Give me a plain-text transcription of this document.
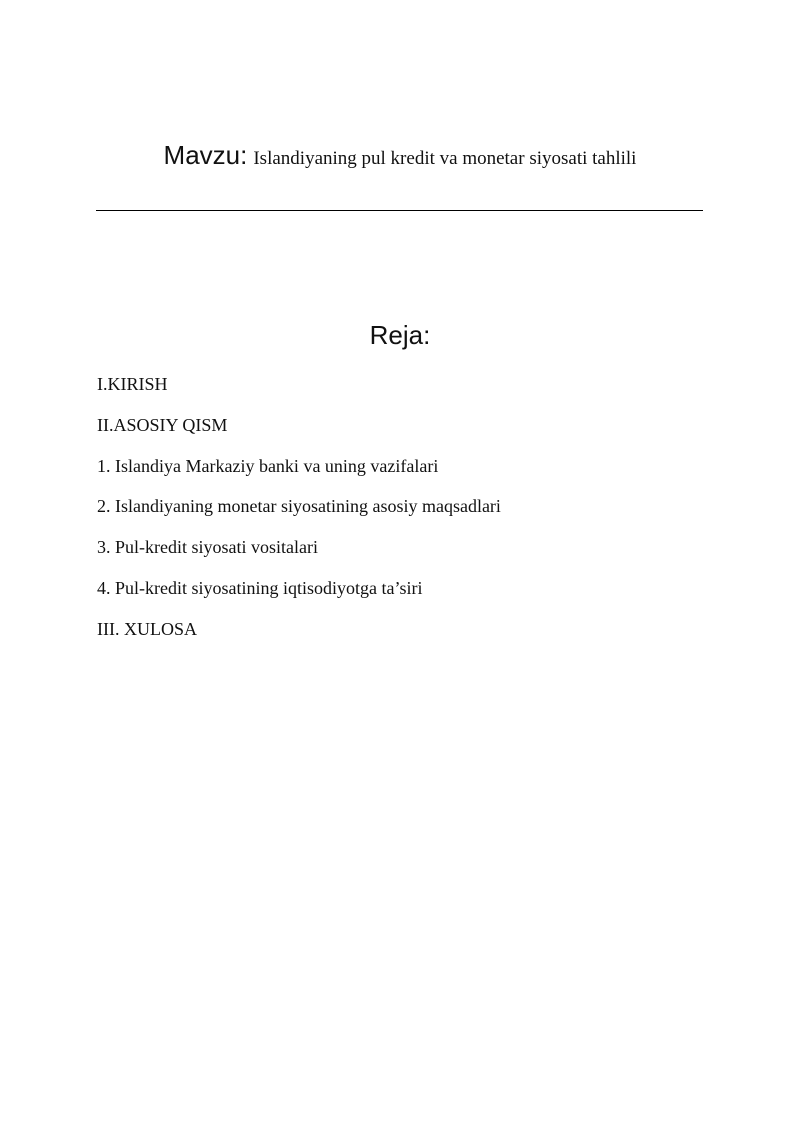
Mavzu: Islandiyaning pul kredit va monetar siyosati tahlili
Reja:
I.KIRISH
II.ASOSIY QISM
1. Islandiya Markaziy banki va uning vazifalari
2. Islandiyaning monetar siyosatining asosiy maqsadlari
3. Pul-kredit siyosati vositalari
4. Pul-kredit siyosatining iqtisodiyotga ta’siri
III. XULOSA
